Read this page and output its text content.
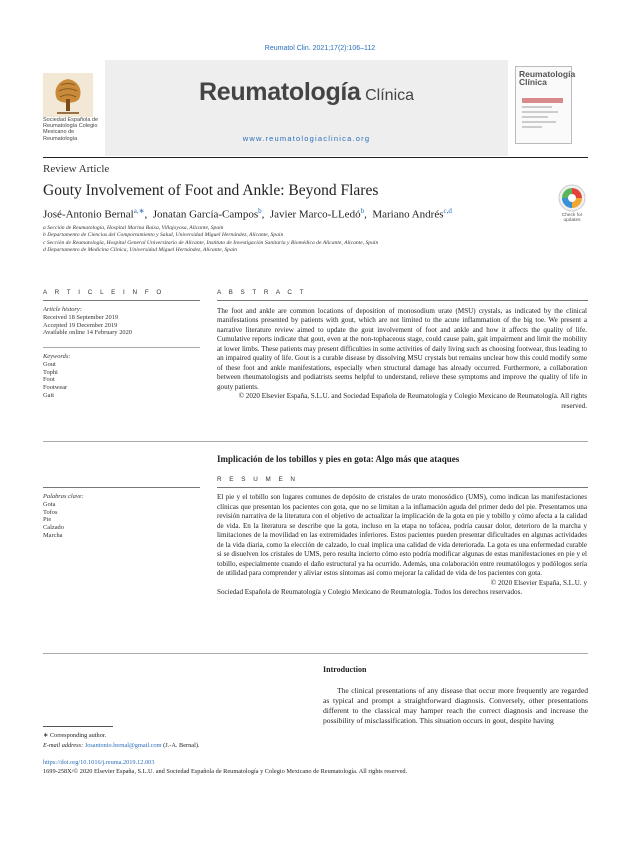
Reumatol Clin. 2021;17(2):106–112
Sociedad Española de Reumatología Colegio Mexicano de Reumatología
Reumatología Clínica
www.reumatologiaclinica.org
Reumatología Clínica
Review Article
Gouty Involvement of Foot and Ankle: Beyond Flares
José-Antonio Bernal$^{a,∗}$,  Jonatan García-Campos$^b$,  Javier Marco-LLedó$^b$,  Mariano Andrés$^{c,d}$
Check for updates
a Sección de Reumatología, Hospital Marina Baixa, Villajoyosa, Alicante, Spain
b Departamento de Ciencias del Comportamiento y Salud, Universidad Miguel Hernández, Alicante, Spain
c Sección de Reumatología, Hospital General Universitario de Alicante, Instituto de Investigación Sanitaria y Biomédica de Alicante, Alicante, Spain
d Departamento de Medicina Clínica, Universidad Miguel Hernández, Alicante, Spain
A R T I C L E I N F O	A B S T R A C T
Article history:
Received 18 September 2019
Accepted 19 December 2019
Available online 14 February 2020
Keywords:
Gout
Tophi
Foot
Footwear
Gait

The foot and ankle are common locations of deposition of monosodium urate (MSU) crystals, as indicated by the clinical manifestations presented by patients with gout, which are not limited to the acute inflammation of the big toe. We present a narrative literature review aimed to update the gout involvement of foot and ankle and how it affects the quality of life. Cumulative reports indicate that gout, even at the non-tophaceous stage, could cause pain, gait impairment and limit the mobility at lower limbs. These patients may present difficulties in some activities of daily living such as choosing footwear, thus leading to an impaired quality of life. Gout is a curable disease by dissolving MSU crystals but remains unclear how this could modify some of these foot and ankle manifestations, especially when structural damage has already occurred. Furthermore, a collaboration between rheumatologists and podiatrists seems helpful to understand, relieve these symptoms and improve the quality of life in gouty patients.

© 2020 Elsevier España, S.L.U. and Sociedad Española de Reumatología y Colegio Mexicano de Reumatología. All rights reserved.

Implicación de los tobillos y pies en gota: Algo más que ataques
R E S U M E N
Palabras clave:
Gota
Tofos
Pie
Calzado
Marcha

El pie y el tobillo son lugares comunes de depósito de cristales de urato monosódico (UMS), como indican las manifestaciones clínicas que presentan los pacientes con gota, que no se limitan a la inflamación aguda del primer dedo del pie. Presentamos una revisión narrativa de la literatura con el objetivo de actualizar la implicación de la gota en pie y tobillo y cómo afecta a la calidad de vida. En la literatura se describe que la gota, incluso en la etapa no tofácea, podría causar dolor, deterioro de la marcha y limitaciones de la movilidad en las extremidades inferiores. Estos pacientes pueden presentar dificultades en algunas actividades de la vida diaria, como la elección de calzado, lo cual implica una calidad de vida deteriorada. La gota es una enfermedad curable si se disuelven los cristales de UMS, pero resulta incierto cómo esto podría modificar algunas de estas manifestaciones en pie y el tobillo, especialmente cuando el daño estructural ya ha ocurrido. Además, una colaboración entre reumatólogos y podólogos sería de utilidad para comprender y aliviar estos síntomas así como mejorar la calidad de vida de los pacientes con gota.

© 2020 Elsevier España, S.L.U. y
Sociedad Española de Reumatología y Colegio Mexicano de Reumatología. Todos los derechos reservados.
Introduction

The clinical presentations of any disease that occur more frequently are regarded as typical and prompt a straightforward diagnosis. Conversely, other presentations different to the classical may hamper reach the correct diagnosis and increase the possibility of misclassification. This situation occurs in gout, despite having

∗ Corresponding author.
E-mail address: Josantonio.bernal@gmail.com (J.-A. Bernal).
https://doi.org/10.1016/j.reuma.2019.12.003
1699-258X/© 2020 Elsevier España, S.L.U. and Sociedad Española de Reumatología y Colegio Mexicano de Reumatología. All rights reserved.
